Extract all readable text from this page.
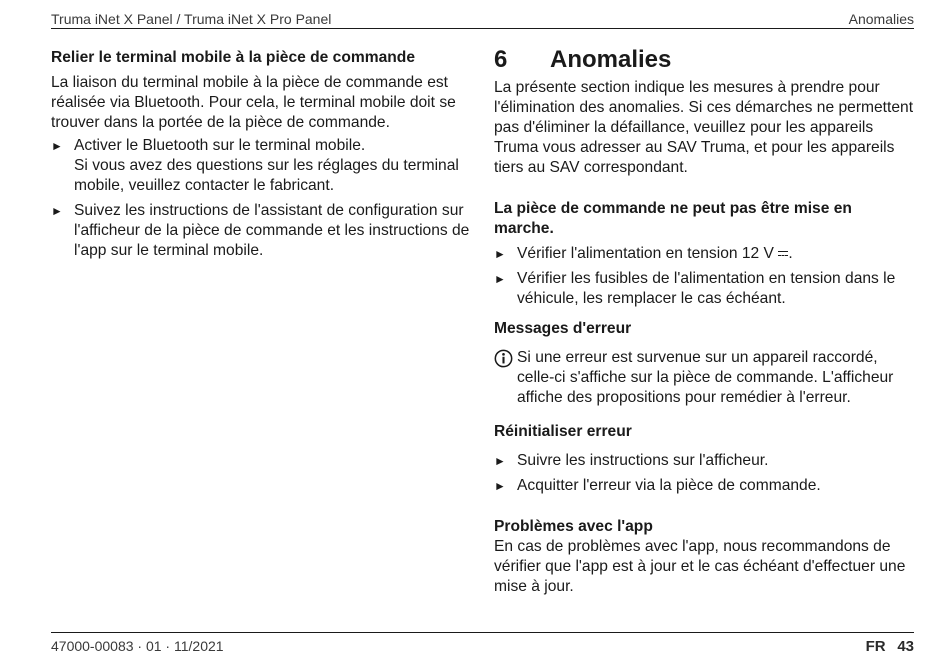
Truma iNet X Panel / Truma iNet X Pro Panel	Anomalies
Relier le terminal mobile à la pièce de commande

La liaison du terminal mobile à la pièce de commande est réalisée via Bluetooth. Pour cela, le terminal mobile doit se trouver dans la portée de la pièce de commande.

► Activer le Bluetooth sur le terminal mobile.
Si vous avez des questions sur les réglages du terminal mobile, veuillez contacter le fabricant.
► Suivez les instructions de l'assistant de configuration sur l'afficheur de la pièce de commande et les instructions de l'app sur le terminal mobile.
6	Anomalies

La présente section indique les mesures à prendre pour l'élimination des anomalies. Si ces démarches ne permettent pas d'éliminer la défaillance, veuillez pour les appareils Truma vous adresser au SAV Truma, et pour les appareils tiers au SAV correspondant.

La pièce de commande ne peut pas être mise en marche.
► Vérifier l'alimentation en tension 12 V .
► Vérifier les fusibles de l'alimentation en tension dans le véhicule, les remplacer le cas échéant.
Messages d'erreur
Si une erreur est survenue sur un appareil raccordé, celle-ci s'affiche sur la pièce de commande. L'afficheur affiche des propositions pour remédier à l'erreur.
Réinitialiser erreur
► Suivre les instructions sur l'afficheur.
► Acquitter l'erreur via la pièce de commande.
Problèmes avec l'app

En cas de problèmes avec l'app, nous recommandons de vérifier que l'app est à jour et le cas échéant d'effectuer une mise à jour.

47000-00083 · 01 · 11/2021	FR 43
